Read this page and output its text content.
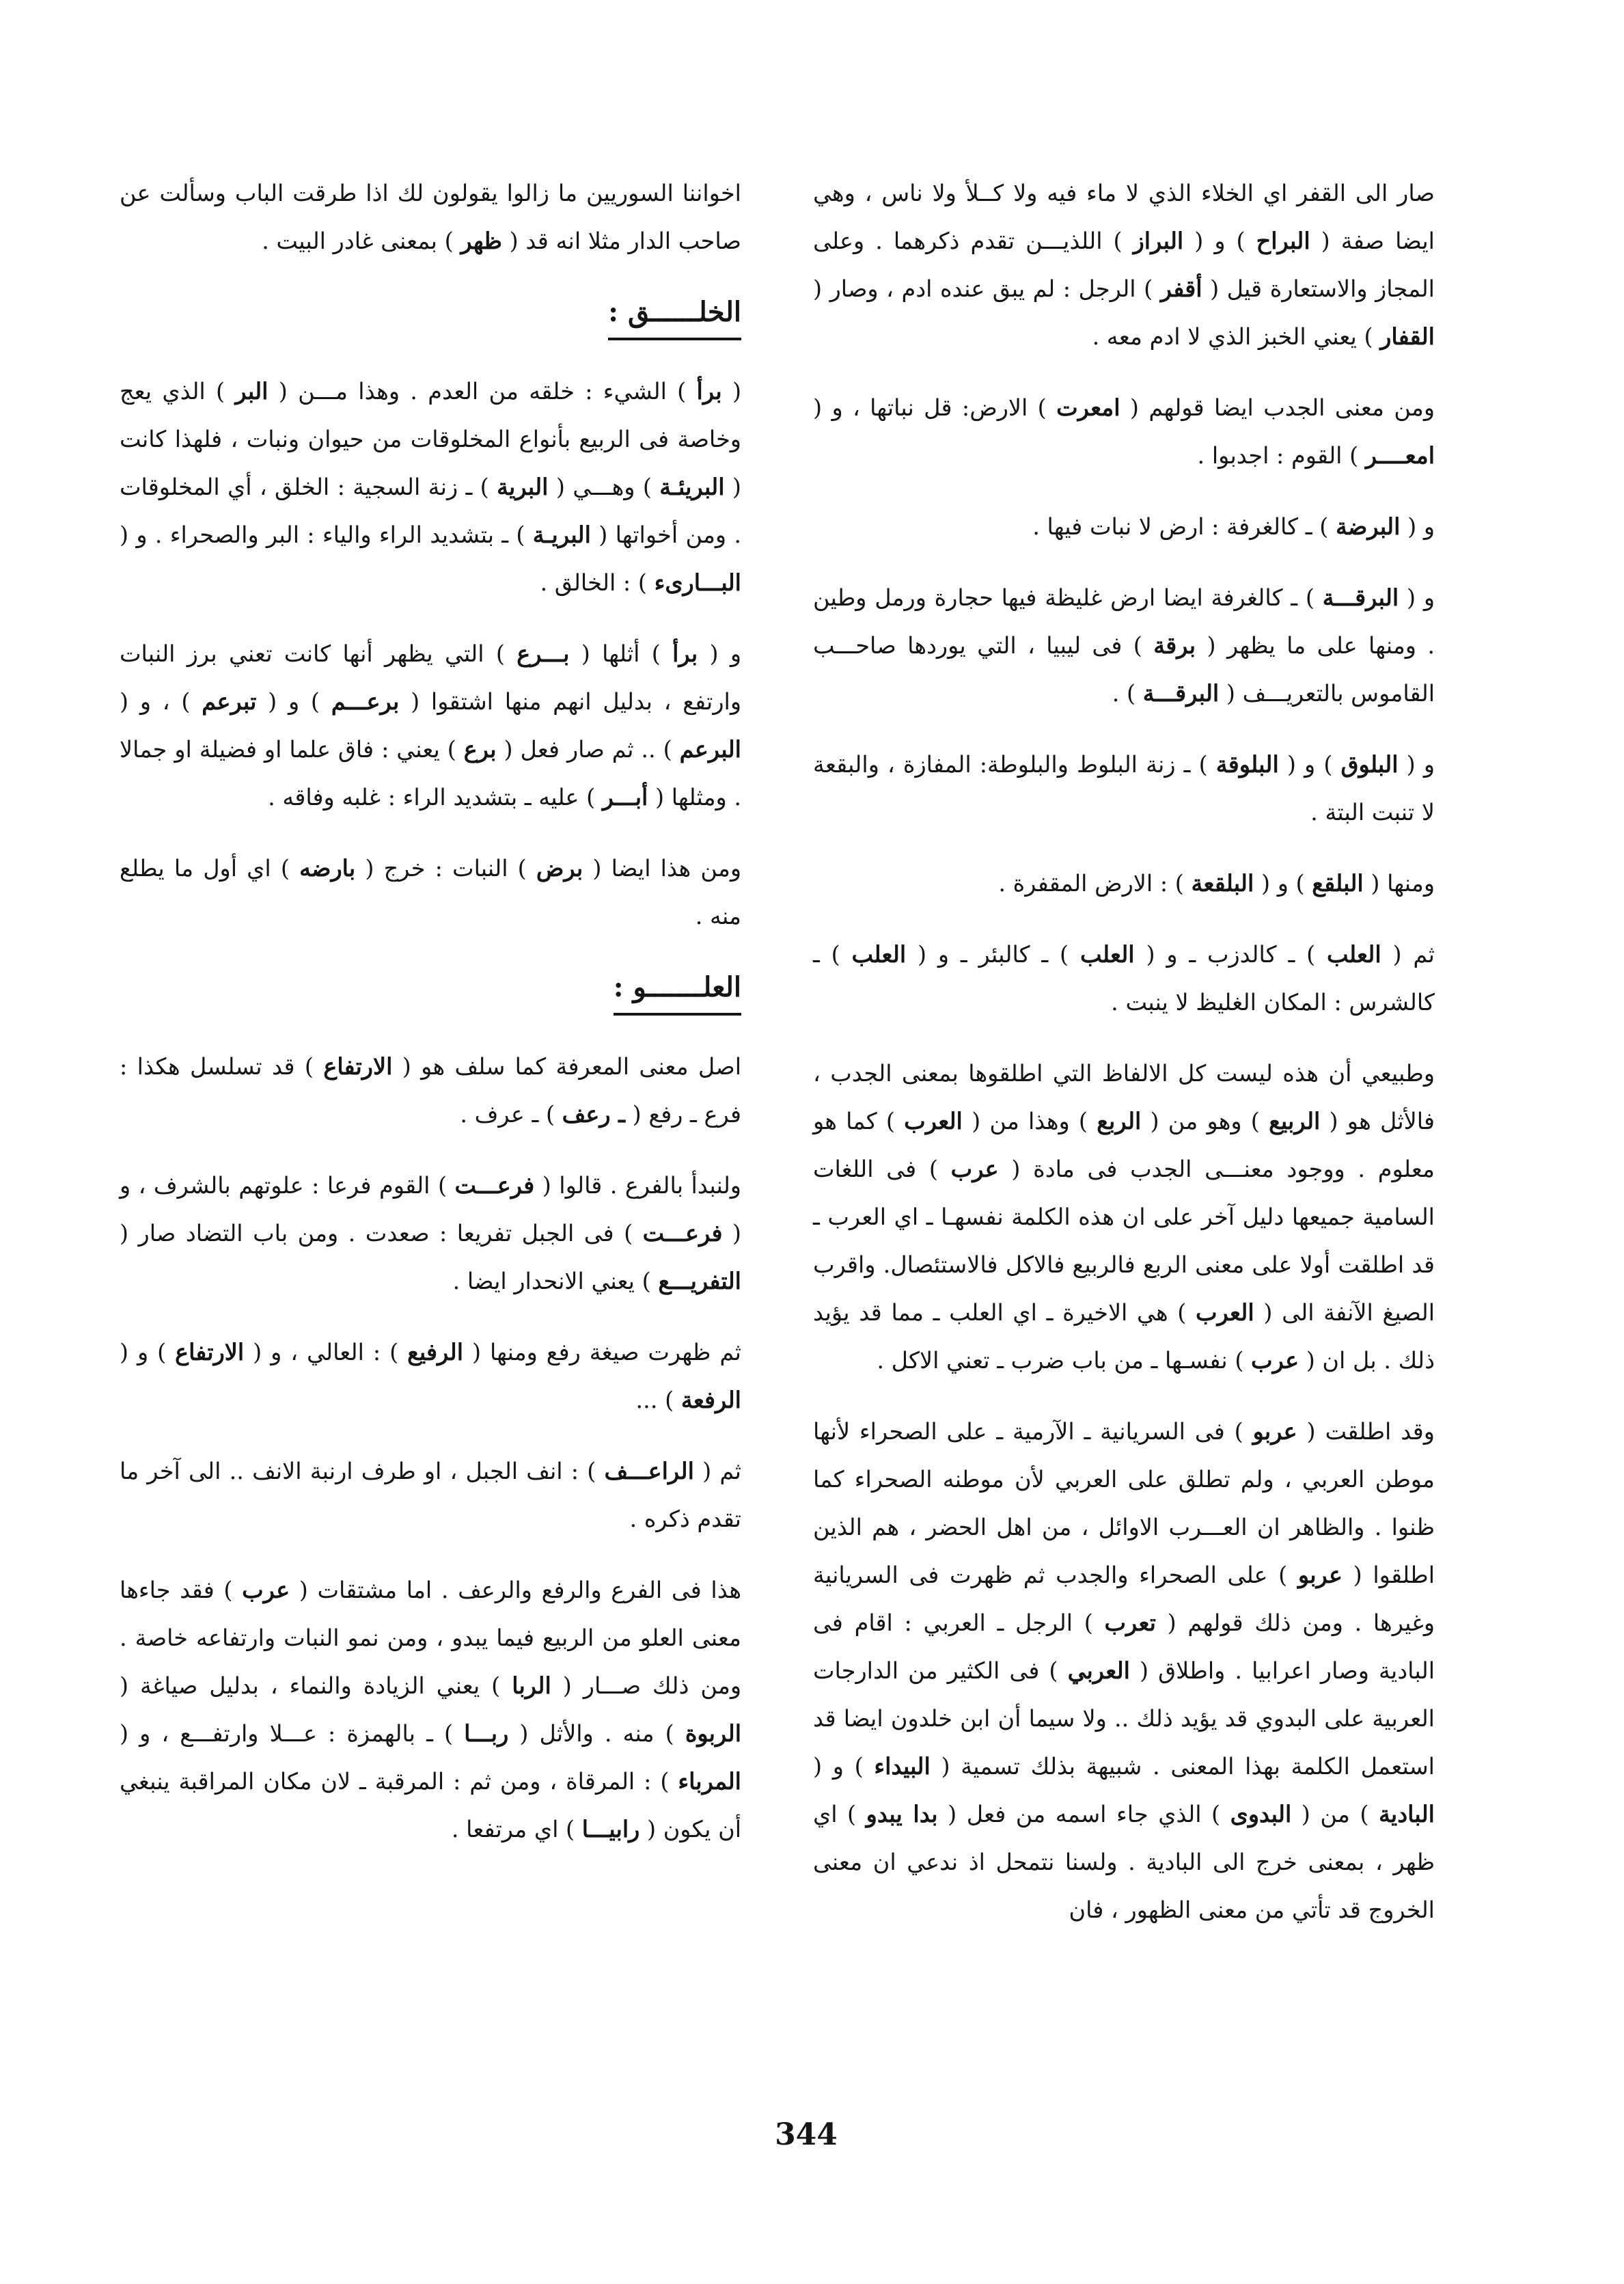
صار الى القفر اي الخلاء الذي لا ماء فيه ولا كــلأ ولا ناس ، وهي ايضا صفة ( البراح ) و ( البراز ) اللذيـــن تقدم ذكرهما . وعلى المجاز والاستعارة قيل ( أقفر ) الرجل : لم يبق عنده ادم ، وصار ( القفار ) يعني الخبز الذي لا ادم معه .

ومن معنى الجدب ايضا قولهم ( امعرت ) الارض: قل نباتها ، و ( امعــــر ) القوم : اجدبوا .

و ( البرضة ) ـ كالغرفة : ارض لا نبات فيها .

و ( البرقـــة ) ـ كالغرفة ايضا ارض غليظة فيها حجارة ورمل وطين . ومنها على ما يظهر ( برقة ) فى ليبيا ، التي يوردها صاحـــب القاموس بالتعريـــف ( البرقـــة ) .

و ( البلوق ) و ( البلوقة ) ـ زنة البلوط والبلوطة: المفازة ، والبقعة لا تنبت البتة .

ومنها ( البلقع ) و ( البلقعة ) : الارض المقفرة .

ثم ( العلب ) ـ كالدزب ـ و ( العلب ) ـ كالبئر ـ و ( العلب ) ـ كالشرس : المكان الغليظ لا ينبت .

وطبيعي أن هذه ليست كل الالفاظ التي اطلقوها بمعنى الجدب ، فالأثل هو ( الربيع ) وهو من ( الربع ) وهذا من ( العرب ) كما هو معلوم . ووجود معنـــى الجدب فى مادة ( عرب ) فى اللغات السامية جميعها دليل آخر على ان هذه الكلمة نفسهـا ـ اي العرب ـ قد اطلقت أولا على معنى الربع فالربيع فالاكل فالاستئصال. واقرب الصيغ الآنفة الى ( العرب ) هي الاخيرة ـ اي العلب ـ مما قد يؤيد ذلك . بل ان ( عرب ) نفسـها ـ من باب ضرب ـ تعني الاكل .

وقد اطلقت ( عربو ) فى السريانية ـ الآرمية ـ على الصحراء لأنها موطن العربي ، ولم تطلق على العربي لأن موطنه الصحراء كما ظنوا . والظاهر ان العـــرب الاوائل ، من اهل الحضر ، هم الذين اطلقوا ( عربو ) على الصحراء والجدب ثم ظهرت فى السريانية وغيرها . ومن ذلك قولهم ( تعرب ) الرجل ـ العربي : اقام فى البادية وصار اعرابيا . واطلاق ( العربي ) فى الكثير من الدارجات العربية على البدوي قد يؤيد ذلك .. ولا سيما أن ابن خلدون ايضا قد استعمل الكلمة بهذا المعنى . شبيهة بذلك تسمية ( البيداء ) و ( البادية ) من ( البدوى ) الذي جاء اسمه من فعل ( بدا يبدو ) اي ظهر ، بمعنى خرج الى البادية . ولسنا نتمحل اذ ندعي ان معنى الخروج قد تأتي من معنى الظهور ، فان

اخواننا السوريين ما زالوا يقولون لك اذا طرقت الباب وسألت عن صاحب الدار مثلا انه قد ( ظهر ) بمعنى غادر البيت .

الخلــــــق :

( برأ ) الشيء : خلقه من العدم . وهذا مـــن ( البر ) الذي يعج وخاصة فى الربيع بأنواع المخلوقات من حيوان ونبات ، فلهذا كانت ( البريئـة ) وهـــي ( البرية ) ـ زنة السجية : الخلق ، أي المخلوقات . ومن أخواتها ( البريـة ) ـ بتشديد الراء والياء : البر والصحراء . و ( البـــارىء ) : الخالق .

و ( برأ ) أثلها ( بـــرع ) التي يظهر أنها كانت تعني برز النبات وارتفع ، بدليل انهم منها اشتقوا ( برعـــم ) و ( تبرعم ) ، و ( البرعم ) .. ثم صار فعل ( برع ) يعني : فاق علما او فضيلة او جمالا . ومثلها ( أبـــر ) عليه ـ بتشديد الراء : غلبه وفاقه .

ومن هذا ايضا ( برض ) النبات : خرج ( بارضه ) اي أول ما يطلع منه .

العلـــــــو :

اصل معنى المعرفة كما سلف هو ( الارتفاع ) قد تسلسل هكذا : فرع ـ رفع ( ـ رعف ) ـ عرف .

ولنبدأ بالفرع . قالوا ( فرعـــت ) القوم فرعا : علوتهم بالشرف ، و ( فرعـــت ) فى الجبل تفريعا : صعدت . ومن باب التضاد صار ( التفريـــع ) يعني الانحدار ايضا .

ثم ظهرت صيغة رفع ومنها ( الرفيع ) : العالي ، و ( الارتفاع ) و ( الرفعة ) ...

ثم ( الراعـــف ) : انف الجبل ، او طرف ارنبة الانف .. الى آخر ما تقدم ذكره .

هذا فى الفرع والرفع والرعف . اما مشتقات ( عرب ) فقد جاءها معنى العلو من الربيع فيما يبدو ، ومن نمو النبات وارتفاعه خاصة . ومن ذلك صـــار ( الربا ) يعني الزيادة والنماء ، بدليل صياغة ( الربوة ) منه . والأثل ( ربـــا ) ـ بالهمزة : عـــلا وارتفـــع ، و ( المرباء ) : المرقاة ، ومن ثم : المرقبة ـ لان مكان المراقبة ينبغي أن يكون ( رابيـــا ) اي مرتفعا .

344
